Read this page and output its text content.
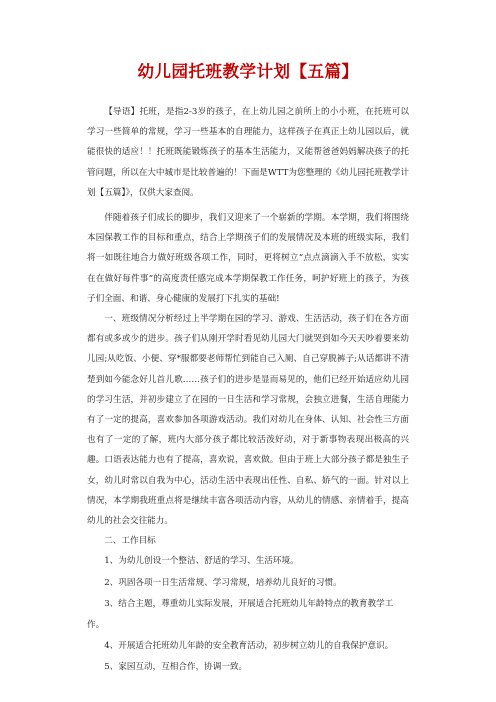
幼儿园托班教学计划【五篇】

【导语】托班，是指2-3岁的孩子，在上幼儿园之前所上的小小班，在托班可以学习一些简单的常规，学习一些基本的自理能力，这样孩子在真正上幼儿园以后，就能很快的适应！！托班既能锻炼孩子的基本生活能力，又能帮爸爸妈妈解决孩子的托管问题，所以在大中城市是比较普遍的！下面是WTT为您整理的《幼儿园托班教学计划【五篇】》，仅供大家查阅。

伴随着孩子们成长的脚步，我们又迎来了一个崭新的学期。本学期，我们将围绕本园保教工作的目标和重点，结合上学期孩子们的发展情况及本班的班级实际，我们将一如既往地合力做好班级各项工作，同时，更将树立“点点滴滴入手不放松，实实在在做好每件事”的高度责任感完成本学期保教工作任务，呵护好班上的孩子，为孩子们全面、和谐、身心健康的发展打下扎实的基础!

一、班级情况分析经过上半学期在园的学习、游戏、生活活动，孩子们在各方面都有或多或少的进步。孩子们从刚开学时看见幼儿园大门就哭到如今天天吵着要来幼儿园;从吃饭、小便、穿*服都要老师帮忙到能自己入厕、自己穿脱裤子;从话都讲不清楚到如今能念好儿首儿歌……孩子们的进步是显而易见的，他们已经开始适应幼儿园的学习生活，并初步建立了在园的一日生活和学习常规，会独立进餐，生活自理能力有了一定的提高，喜欢参加各项游戏活动。我们对幼儿在身体、认知、社会性三方面也有了一定的了解，班内大部分孩子都比较活泼好动，对于新事物表现出极高的兴趣。口语表达能力也有了提高，喜欢说，喜欢做。但由于班上大部分孩子都是独生子女，幼儿时常以自我为中心，活动生活中表现出任性、自私、娇气的一面。针对以上情况，本学期我班重点将是继续丰富各项活动内容，从幼儿的情感、亲情着手，提高幼儿的社会交往能力。

二、工作目标

1、为幼儿创设一个整洁、舒适的学习、生活环境。

2、巩固各项一日生活常规、学习常规，培养幼儿良好的习惯。

3、结合主题，尊重幼儿实际发展，开展适合托班幼儿年龄特点的教育教学工作。

4、开展适合托班幼儿年龄的安全教育活动，初步树立幼儿的自我保护意识。

5、家园互动，互相合作，协调一致。
